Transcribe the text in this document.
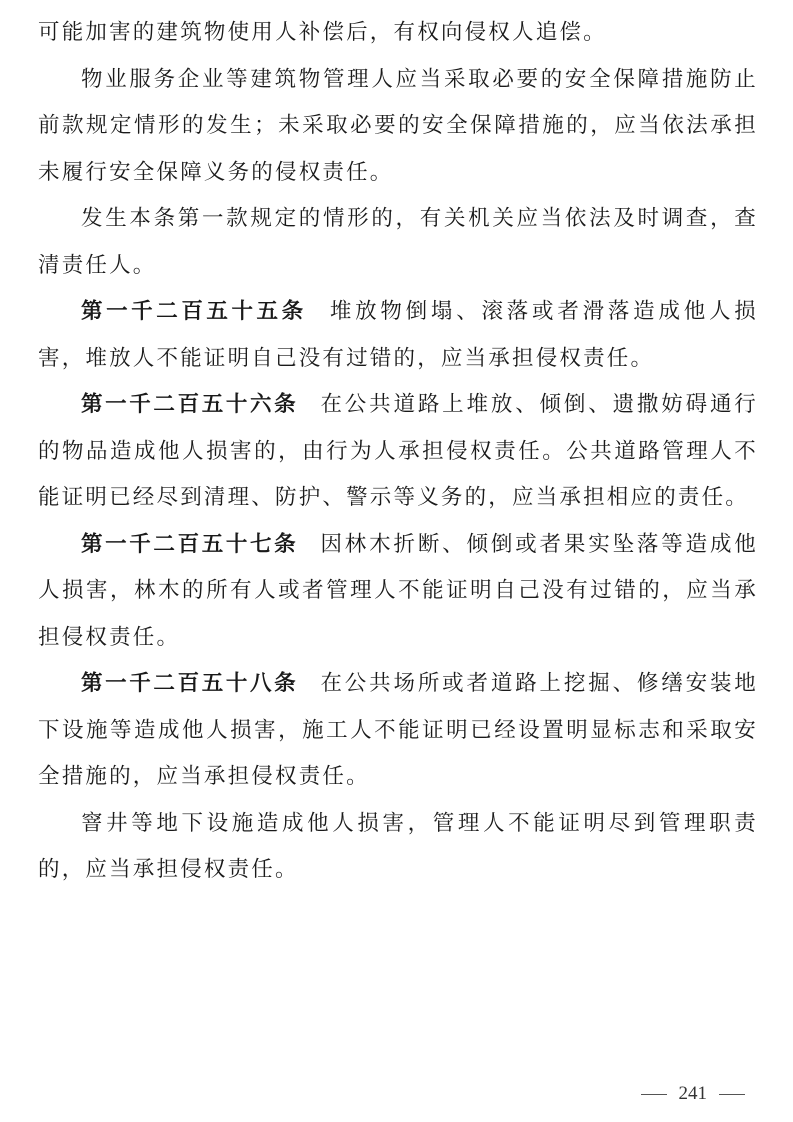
可能加害的建筑物使用人补偿后，有权向侵权人追偿。

物业服务企业等建筑物管理人应当采取必要的安全保障措施防止前款规定情形的发生；未采取必要的安全保障措施的，应当依法承担未履行安全保障义务的侵权责任。

发生本条第一款规定的情形的，有关机关应当依法及时调查，查清责任人。

第一千二百五十五条 堆放物倒塌、滚落或者滑落造成他人损害，堆放人不能证明自己没有过错的，应当承担侵权责任。

第一千二百五十六条 在公共道路上堆放、倾倒、遗撒妨碍通行的物品造成他人损害的，由行为人承担侵权责任。公共道路管理人不能证明已经尽到清理、防护、警示等义务的，应当承担相应的责任。

第一千二百五十七条 因林木折断、倾倒或者果实坠落等造成他人损害，林木的所有人或者管理人不能证明自己没有过错的，应当承担侵权责任。

第一千二百五十八条 在公共场所或者道路上挖掘、修缮安装地下设施等造成他人损害，施工人不能证明已经设置明显标志和采取安全措施的，应当承担侵权责任。

窨井等地下设施造成他人损害，管理人不能证明尽到管理职责的，应当承担侵权责任。

241
